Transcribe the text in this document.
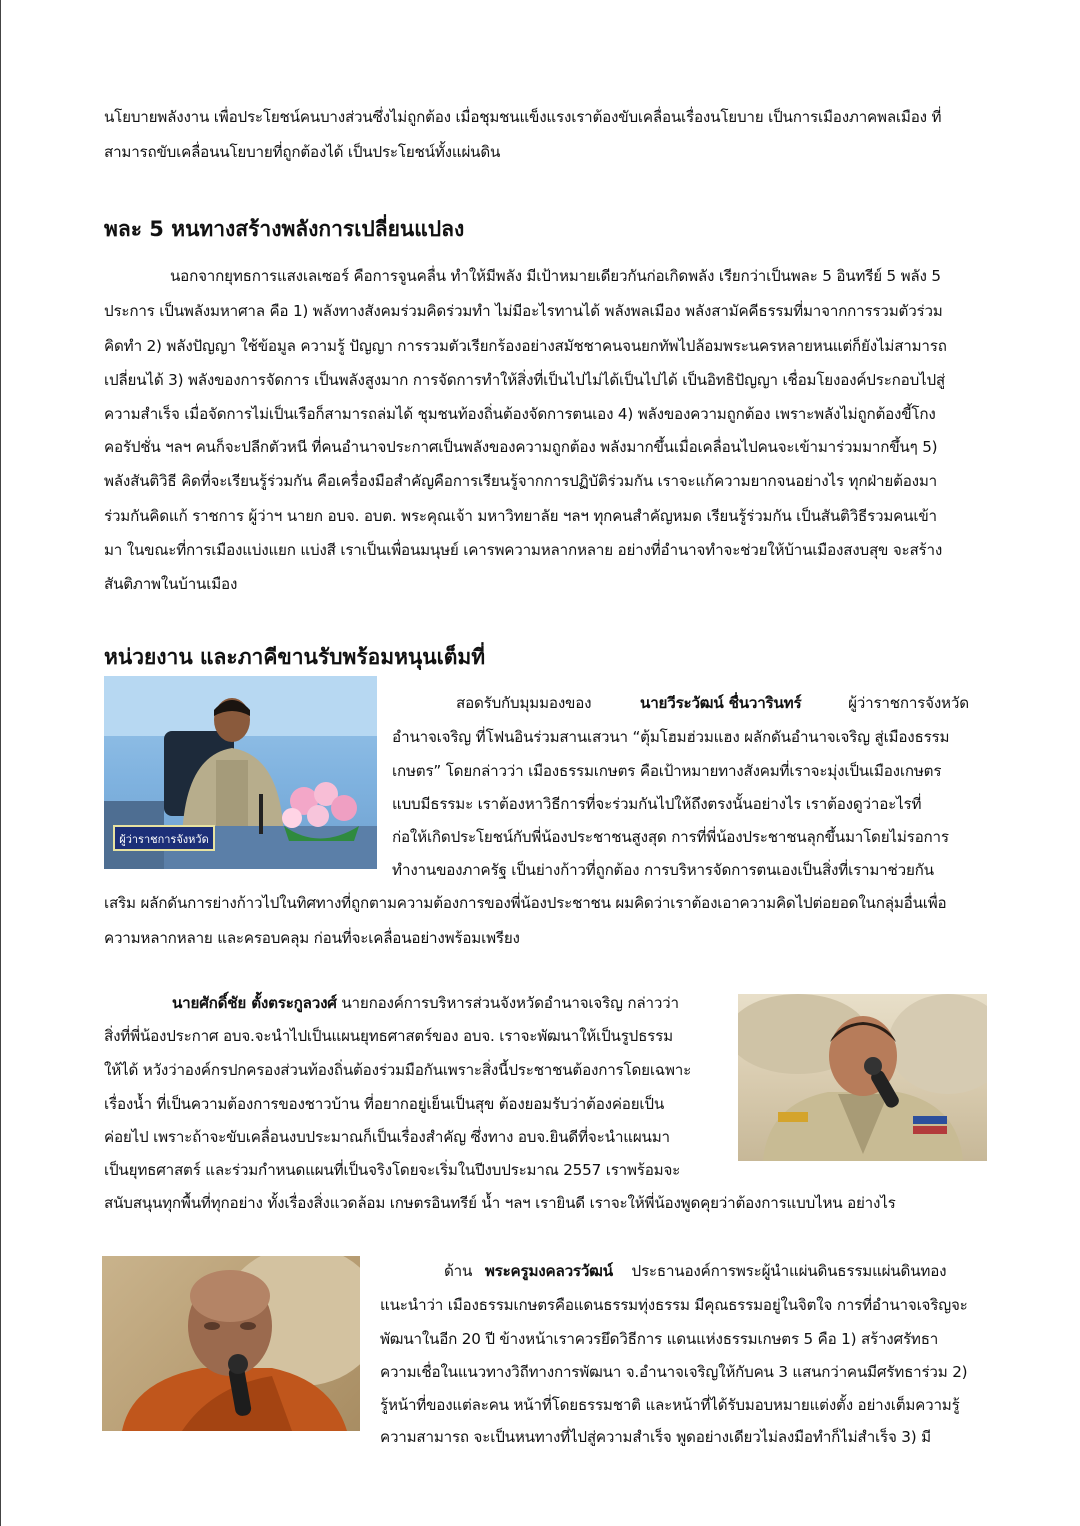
นโยบายพลังงาน เพื่อประโยชน์คนบางส่วนซึ่งไม่ถูกต้อง เมื่อชุมชนแข็งแรงเราต้องขับเคลื่อนเรื่องนโยบาย เป็นการเมืองภาคพลเมือง ที่
สามารถขับเคลื่อนนโยบายที่ถูกต้องได้ เป็นประโยชน์ทั้งแผ่นดิน
พละ 5 หนทางสร้างพลังการเปลี่ยนแปลง
นอกจากยุทธการแสงเลเซอร์ คือการจูนคลื่น ทำให้มีพลัง มีเป้าหมายเดียวกันก่อเกิดพลัง เรียกว่าเป็นพละ 5 อินทรีย์ 5 พลัง 5
ประการ เป็นพลังมหาศาล คือ 1) พลังทางสังคมร่วมคิดร่วมทำ ไม่มีอะไรทานได้ พลังพลเมือง พลังสามัคคีธรรมที่มาจากการรวมตัวร่วม
คิดทำ 2) พลังปัญญา ใช้ข้อมูล ความรู้ ปัญญา การรวมตัวเรียกร้องอย่างสมัชชาคนจนยกทัพไปล้อมพระนครหลายหนแต่ก็ยังไม่สามารถ
เปลี่ยนได้ 3) พลังของการจัดการ เป็นพลังสูงมาก การจัดการทำให้สิ่งที่เป็นไปไม่ได้เป็นไปได้ เป็นอิทธิปัญญา เชื่อมโยงองค์ประกอบไปสู่
ความสำเร็จ เมื่อจัดการไม่เป็นเรือก็สามารถล่มได้ ชุมชนท้องถิ่นต้องจัดการตนเอง 4) พลังของความถูกต้อง เพราะพลังไม่ถูกต้องขี้โกง
คอรัปชั่น ฯลฯ คนก็จะปลีกตัวหนี ที่คนอำนาจประกาศเป็นพลังของความถูกต้อง พลังมากขึ้นเมื่อเคลื่อนไปคนจะเข้ามาร่วมมากขึ้นๆ 5)
พลังสันติวิธี คิดที่จะเรียนรู้ร่วมกัน คือเครื่องมือสำคัญคือการเรียนรู้จากการปฏิบัติร่วมกัน เราจะแก้ความยากจนอย่างไร ทุกฝ่ายต้องมา
ร่วมกันคิดแก้ ราชการ ผู้ว่าฯ นายก อบจ. อบต. พระคุณเจ้า มหาวิทยาลัย ฯลฯ ทุกคนสำคัญหมด เรียนรู้ร่วมกัน เป็นสันติวิธีรวมคนเข้า
มา ในขณะที่การเมืองแบ่งแยก แบ่งสี เราเป็นเพื่อนมนุษย์ เคารพความหลากหลาย อย่างที่อำนาจทำจะช่วยให้บ้านเมืองสงบสุข จะสร้าง
สันติภาพในบ้านเมือง
หน่วยงาน และภาคีขานรับพร้อมหนุนเต็มที่
ผู้ว่าราชการจังหวัด
สอดรับกับมุมมองของ	นายวีระวัฒน์ ชื่นวารินทร์	ผู้ว่าราชการจังหวัด
อำนาจเจริญ ที่โฟนอินร่วมสานเสวนา “ตุ้มโฮมฮ่วมแฮง ผลักดันอำนาจเจริญ สู่เมืองธรรม
เกษตร” โดยกล่าวว่า เมืองธรรมเกษตร คือเป้าหมายทางสังคมที่เราจะมุ่งเป็นเมืองเกษตร
แบบมีธรรมะ เราต้องหาวิธีการที่จะร่วมกันไปให้ถึงตรงนั้นอย่างไร เราต้องดูว่าอะไรที่
ก่อให้เกิดประโยชน์กับพี่น้องประชาชนสูงสุด การที่พี่น้องประชาชนลุกขึ้นมาโดยไม่รอการ
ทำงานของภาครัฐ เป็นย่างก้าวที่ถูกต้อง การบริหารจัดการตนเองเป็นสิ่งที่เรามาช่วยกัน
เสริม ผลักดันการย่างก้าวไปในทิศทางที่ถูกตามความต้องการของพี่น้องประชาชน ผมคิดว่าเราต้องเอาความคิดไปต่อยอดในกลุ่มอื่นเพื่อ
ความหลากหลาย และครอบคลุม ก่อนที่จะเคลื่อนอย่างพร้อมเพรียง
นายศักดิ์ชัย ตั้งตระกูลวงศ์ นายกองค์การบริหารส่วนจังหวัดอำนาจเจริญ กล่าวว่า
สิ่งที่พี่น้องประกาศ อบจ.จะนำไปเป็นแผนยุทธศาสตร์ของ อบจ. เราจะพัฒนาให้เป็นรูปธรรม
ให้ได้ หวังว่าองค์กรปกครองส่วนท้องถิ่นต้องร่วมมือกันเพราะสิ่งนี้ประชาชนต้องการโดยเฉพาะ
เรื่องน้ำ ที่เป็นความต้องการของชาวบ้าน ที่อยากอยู่เย็นเป็นสุข ต้องยอมรับว่าต้องค่อยเป็น
ค่อยไป เพราะถ้าจะขับเคลื่อนงบประมาณก็เป็นเรื่องสำคัญ ซึ่งทาง อบจ.ยินดีที่จะนำแผนมา
เป็นยุทธศาสตร์ และร่วมกำหนดแผนที่เป็นจริงโดยจะเริ่มในปีงบประมาณ 2557 เราพร้อมจะ
สนับสนุนทุกพื้นที่ทุกอย่าง ทั้งเรื่องสิ่งแวดล้อม เกษตรอินทรีย์ น้ำ ฯลฯ เรายินดี เราจะให้พี่น้องพูดคุยว่าต้องการแบบไหน อย่างไร
ด้าน พระครูมงคลวรวัฒน์ ประธานองค์การพระผู้นำแผ่นดินธรรมแผ่นดินทอง
แนะนำว่า เมืองธรรมเกษตรคือแดนธรรมทุ่งธรรม มีคุณธรรมอยู่ในจิตใจ การที่อำนาจเจริญจะ
พัฒนาในอีก 20 ปี ข้างหน้าเราควรยึดวิธีการ แดนแห่งธรรมเกษตร 5 คือ 1) สร้างศรัทธา
ความเชื่อในแนวทางวิถีทางการพัฒนา จ.อำนาจเจริญให้กับคน 3 แสนกว่าคนมีศรัทธาร่วม 2)
รู้หน้าที่ของแต่ละคน หน้าที่โดยธรรมชาติ และหน้าที่ได้รับมอบหมายแต่งตั้ง อย่างเต็มความรู้
ความสามารถ จะเป็นหนทางที่ไปสู่ความสำเร็จ พูดอย่างเดียวไม่ลงมือทำก็ไม่สำเร็จ 3) มี
